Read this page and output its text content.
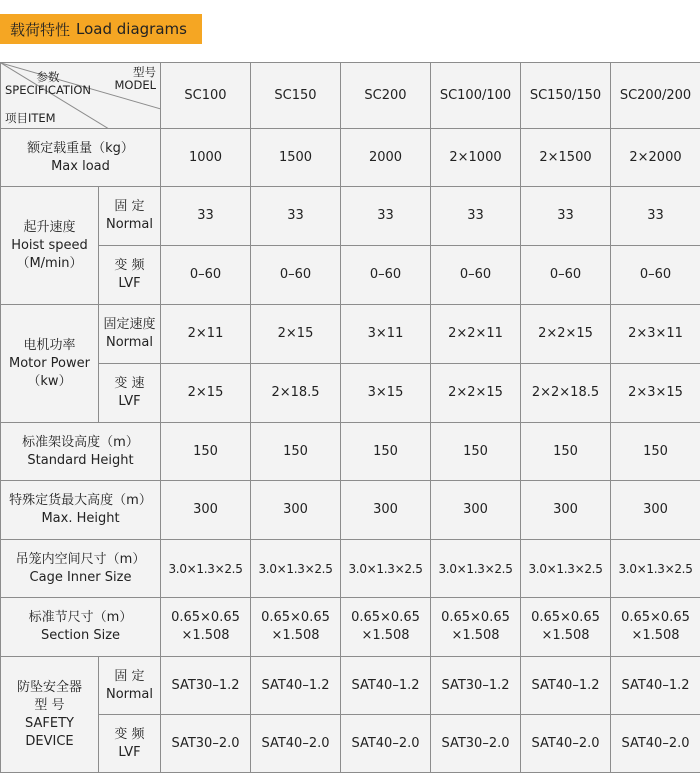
载荷特性 Load diagrams
型号
MODEL
参数
SPECIFICATION
项目ITEM		SC100	SC150	SC200	SC100/100	SC150/150	SC200/200

额定载重量（kg）
Max load		1000	1500	2000	2×1000	2×1500	2×2000

起升速度
Hoist speed
（M/min）	固 定
Normal	33	33	33	33	33	33

	变 频
LVF	0–60	0–60	0–60	0–60	0–60	0–60

电机功率
Motor Power
（kw）	固定速度
Normal	2×11	2×15	3×11	2×2×11	2×2×15	2×3×11

	变 速
LVF	2×15	2×18.5	3×15	2×2×15	2×2×18.5	2×3×15

标准架设高度（m）
Standard Height		150	150	150	150	150	150

特殊定货最大高度（m）
Max. Height		300	300	300	300	300	300

吊笼内空间尺寸（m）
Cage Inner Size		3.0×1.3×2.5	3.0×1.3×2.5	3.0×1.3×2.5	3.0×1.3×2.5	3.0×1.3×2.5	3.0×1.3×2.5

标准节尺寸（m）
Section Size		0.65×0.65
×1.508	0.65×0.65
×1.508	0.65×0.65
×1.508	0.65×0.65
×1.508	0.65×0.65
×1.508	0.65×0.65
×1.508

防坠安全器
型 号
SAFETY
DEVICE	固 定
Normal	SAT30–1.2	SAT40–1.2	SAT40–1.2	SAT30–1.2	SAT40–1.2	SAT40–1.2

	变 频
LVF	SAT30–2.0	SAT40–2.0	SAT40–2.0	SAT30–2.0	SAT40–2.0	SAT40–2.0
